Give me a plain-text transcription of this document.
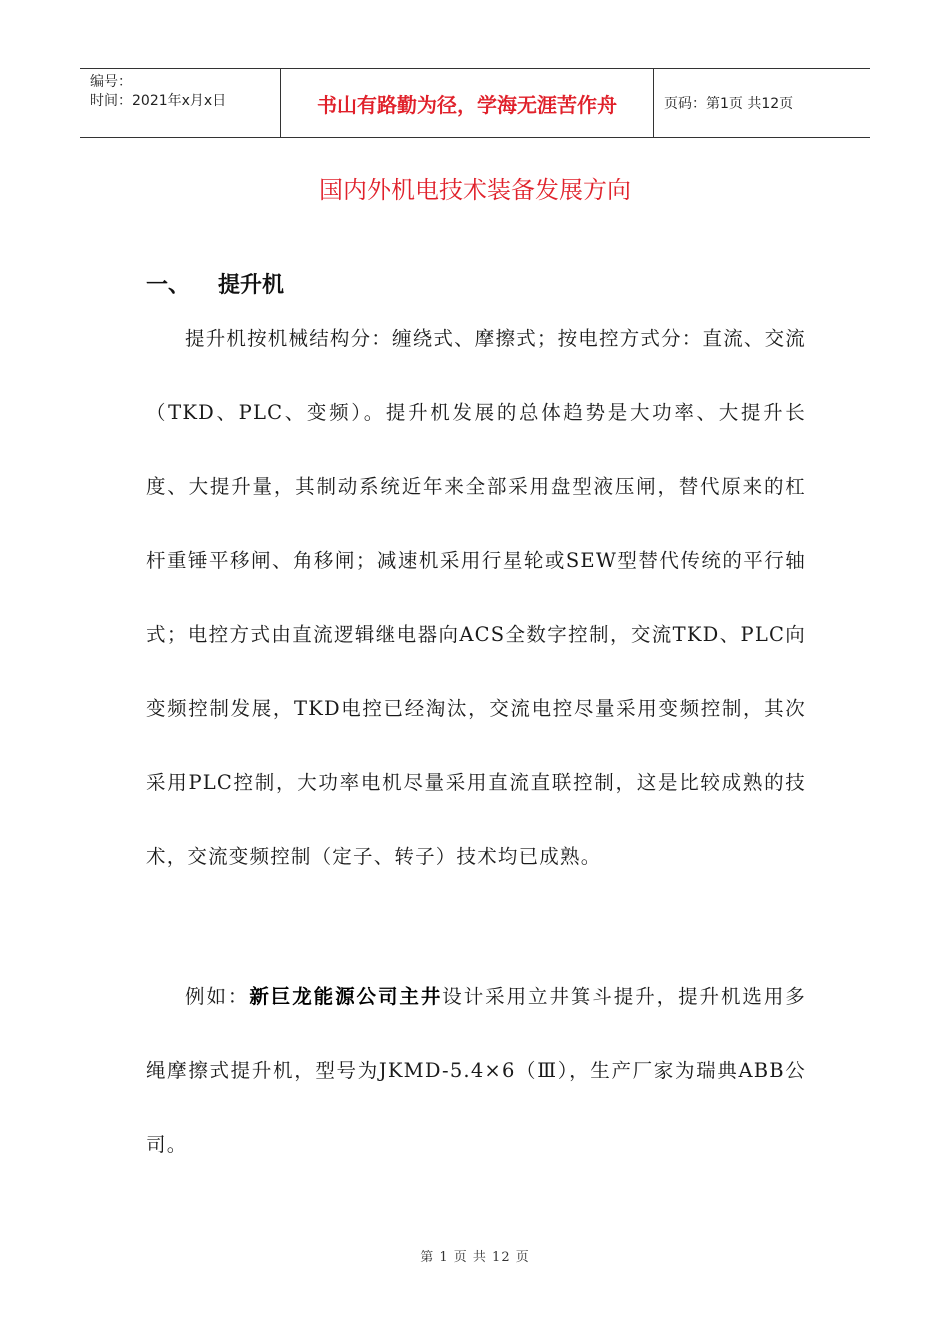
编号：
时间：2021年x月x日	书山有路勤为径，学海无涯苦作舟	页码：第1页 共12页
国内外机电技术装备发展方向
一、 提升机

提升机按机械结构分：缠绕式、摩擦式；按电控方式分：直流、交流（TKD、PLC、变频）。提升机发展的总体趋势是大功率、大提升长度、大提升量，其制动系统近年来全部采用盘型液压闸，替代原来的杠杆重锤平移闸、角移闸；减速机采用行星轮或SEW型替代传统的平行轴式；电控方式由直流逻辑继电器向ACS全数字控制，交流TKD、PLC向变频控制发展，TKD电控已经淘汰，交流电控尽量采用变频控制，其次采用PLC控制，大功率电机尽量采用直流直联控制，这是比较成熟的技术，交流变频控制（定子、转子）技术均已成熟。

例如：新巨龙能源公司主井设计采用立井箕斗提升，提升机选用多绳摩擦式提升机，型号为JKMD-5.4×6（Ⅲ），生产厂家为瑞典ABB公司。

第 1 页 共 12 页
